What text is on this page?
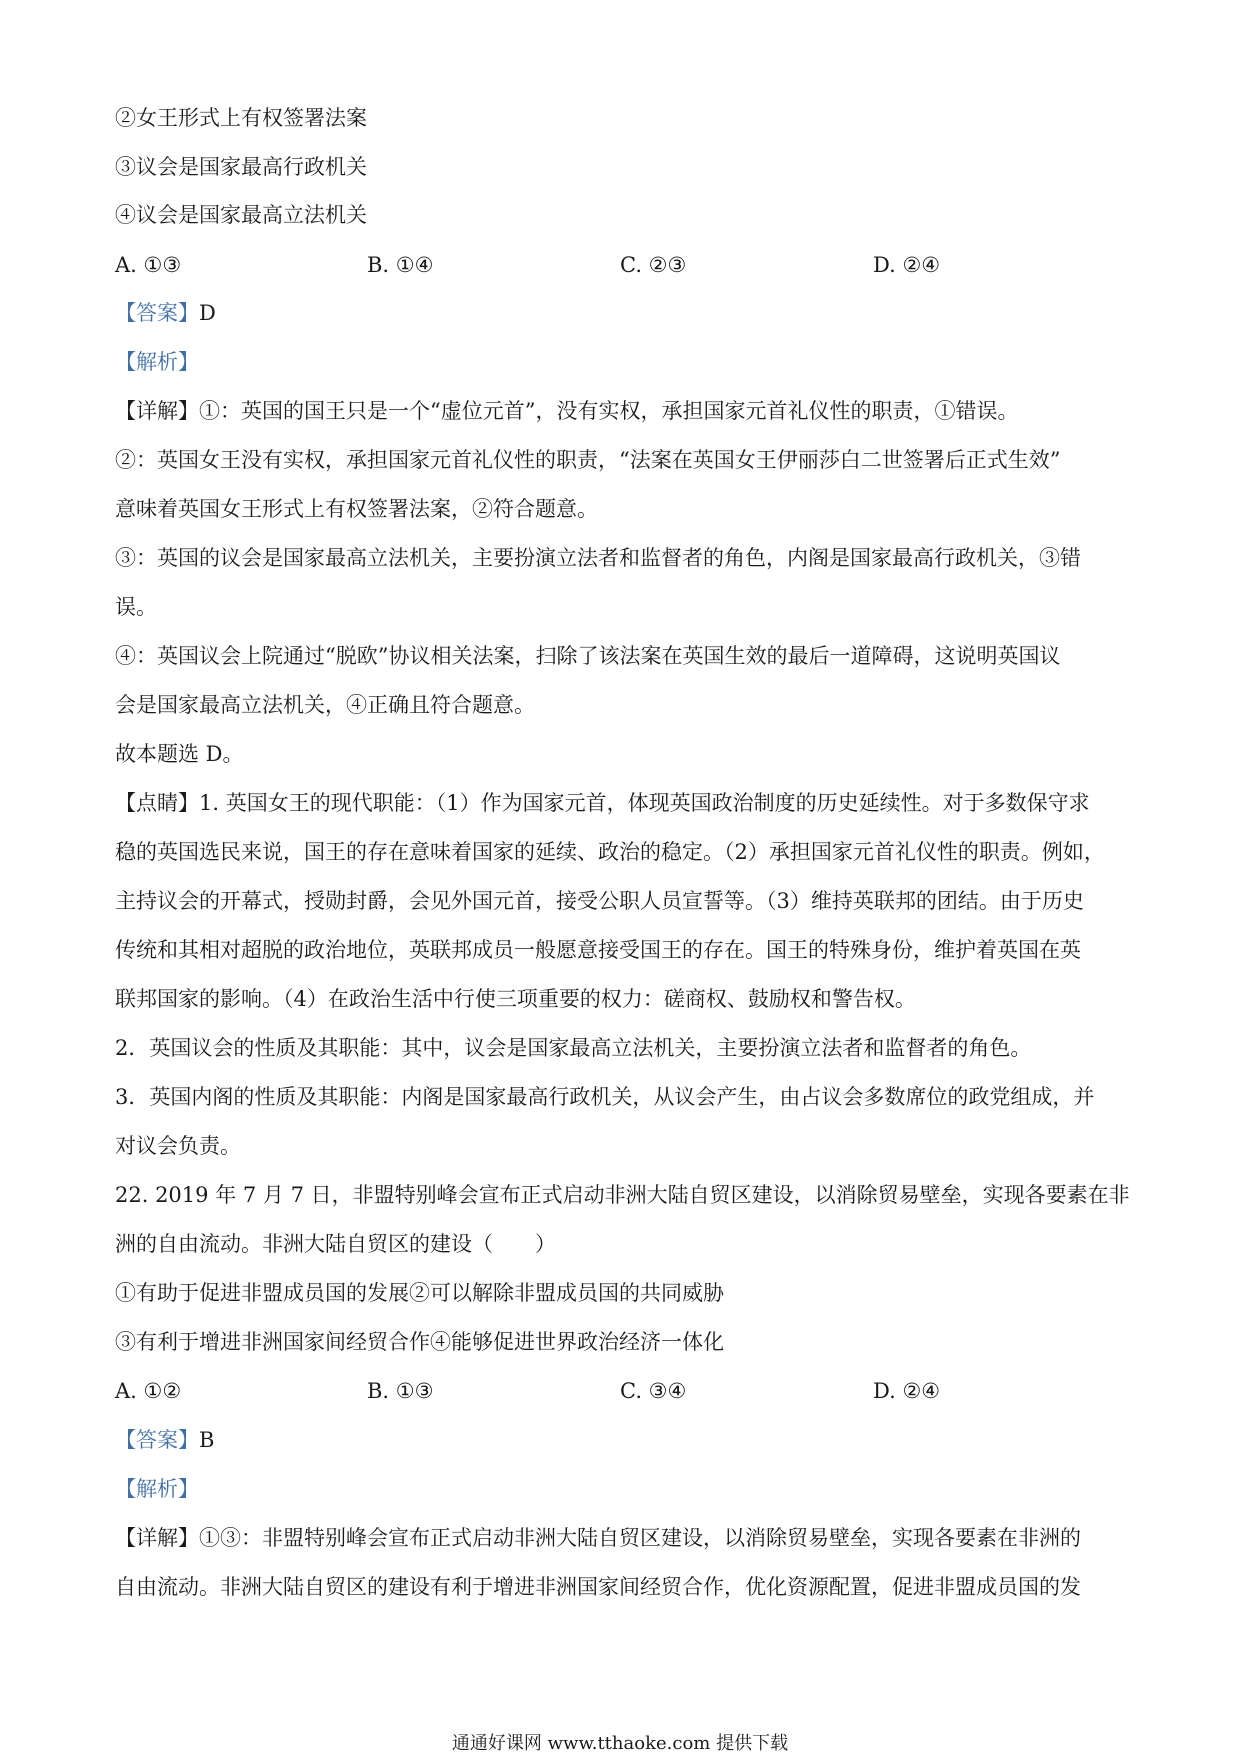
②女王形式上有权签署法案
③议会是国家最高行政机关
④议会是国家最高立法机关
A. ①③	B. ①④	C. ②③	D. ②④
【答案】D
【解析】
【详解】①：英国的国王只是一个“虚位元首”，没有实权，承担国家元首礼仪性的职责，①错误。
②：英国女王没有实权，承担国家元首礼仪性的职责，“法案在英国女王伊丽莎白二世签署后正式生效”
意味着英国女王形式上有权签署法案，②符合题意。
③：英国的议会是国家最高立法机关，主要扮演立法者和监督者的角色，内阁是国家最高行政机关，③错
误。
④：英国议会上院通过“脱欧”协议相关法案，扫除了该法案在英国生效的最后一道障碍，这说明英国议
会是国家最高立法机关，④正确且符合题意。
故本题选 D。
【点睛】1. 英国女王的现代职能：（1）作为国家元首，体现英国政治制度的历史延续性。对于多数保守求
稳的英国选民来说，国王的存在意味着国家的延续、政治的稳定。（2）承担国家元首礼仪性的职责。例如，
主持议会的开幕式，授勋封爵，会见外国元首，接受公职人员宣誓等。（3）维持英联邦的团结。由于历史
传统和其相对超脱的政治地位，英联邦成员一般愿意接受国王的存在。国王的特殊身份，维护着英国在英
联邦国家的影响。（4）在政治生活中行使三项重要的权力：磋商权、鼓励权和警告权。
2．英国议会的性质及其职能：其中，议会是国家最高立法机关，主要扮演立法者和监督者的角色。
3．英国内阁的性质及其职能：内阁是国家最高行政机关，从议会产生，由占议会多数席位的政党组成，并
对议会负责。
22. 2019 年 7 月 7 日，非盟特别峰会宣布正式启动非洲大陆自贸区建设，以消除贸易壁垒，实现各要素在非
洲的自由流动。非洲大陆自贸区的建设（　　）
①有助于促进非盟成员国的发展②可以解除非盟成员国的共同威胁
③有利于增进非洲国家间经贸合作④能够促进世界政治经济一体化
A. ①②	B. ①③	C. ③④	D. ②④
【答案】B
【解析】
【详解】①③：非盟特别峰会宣布正式启动非洲大陆自贸区建设，以消除贸易壁垒，实现各要素在非洲的
自由流动。非洲大陆自贸区的建设有利于增进非洲国家间经贸合作，优化资源配置，促进非盟成员国的发
通通好课网 www.tthaoke.com 提供下载
